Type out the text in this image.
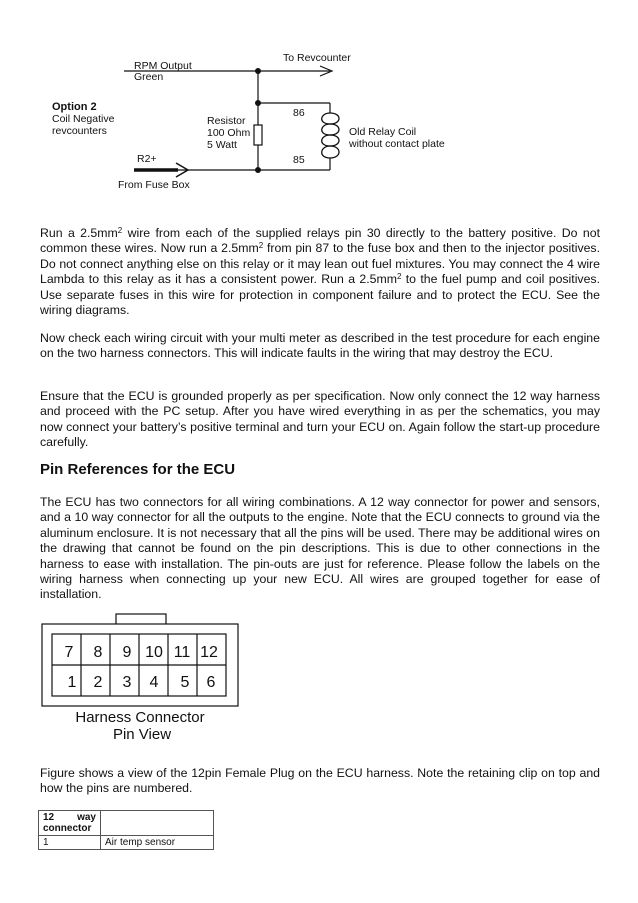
RPM Output
Green
To Revcounter
Option 2
Coil Negative
revcounters
Resistor
100 Ohm
5 Watt
86
85
Old Relay Coil
without contact plate
R2+
From Fuse Box

Run a $2.5mm^2$ wire from each of the supplied relays pin 30 directly to the battery positive. Do not common these wires. Now run a $2.5mm^2$ from pin 87 to the fuse box and then to the injector positives. Do not connect anything else on this relay or it may lean out fuel mixtures. You may connect the 4 wire Lambda to this relay as it has a consistent power. Run a $2.5mm^2$ to the fuel pump and coil positives. Use separate fuses in this wire for protection in component failure and to protect the ECU. See the wiring diagrams.

Now check each wiring circuit with your multi meter as described in the test procedure for each engine on the two harness connectors. This will indicate faults in the wiring that may destroy the ECU.

Ensure that the ECU is grounded properly as per specification. Now only connect the 12 way harness and proceed with the PC setup. After you have wired everything in as per the schematics, you may now connect your battery’s positive terminal and turn your ECU on. Again follow the start-up procedure carefully.

Pin References for the ECU

The ECU has two connectors for all wiring combinations. A 12 way connector for power and sensors, and a 10 way connector for all the outputs to the engine. Note that the ECU connects to ground via the aluminum enclosure. It is not necessary that all the pins will be used. There may be additional wires on the drawing that cannot be found on the pin descriptions. This is due to other connections in the harness to ease with installation. The pin-outs are just for reference. Please follow the labels on the wiring harness when connecting up your new ECU. All wires are grouped together for ease of installation.

7 8 9 10 11 12
1 2 3 4 5 6
Harness Connector
Pin View

Figure shows a view of the 12pin Female Plug on the ECU harness. Note the retaining clip on top and how the pins are numbered.

12 way
connector	

1	Air temp sensor
